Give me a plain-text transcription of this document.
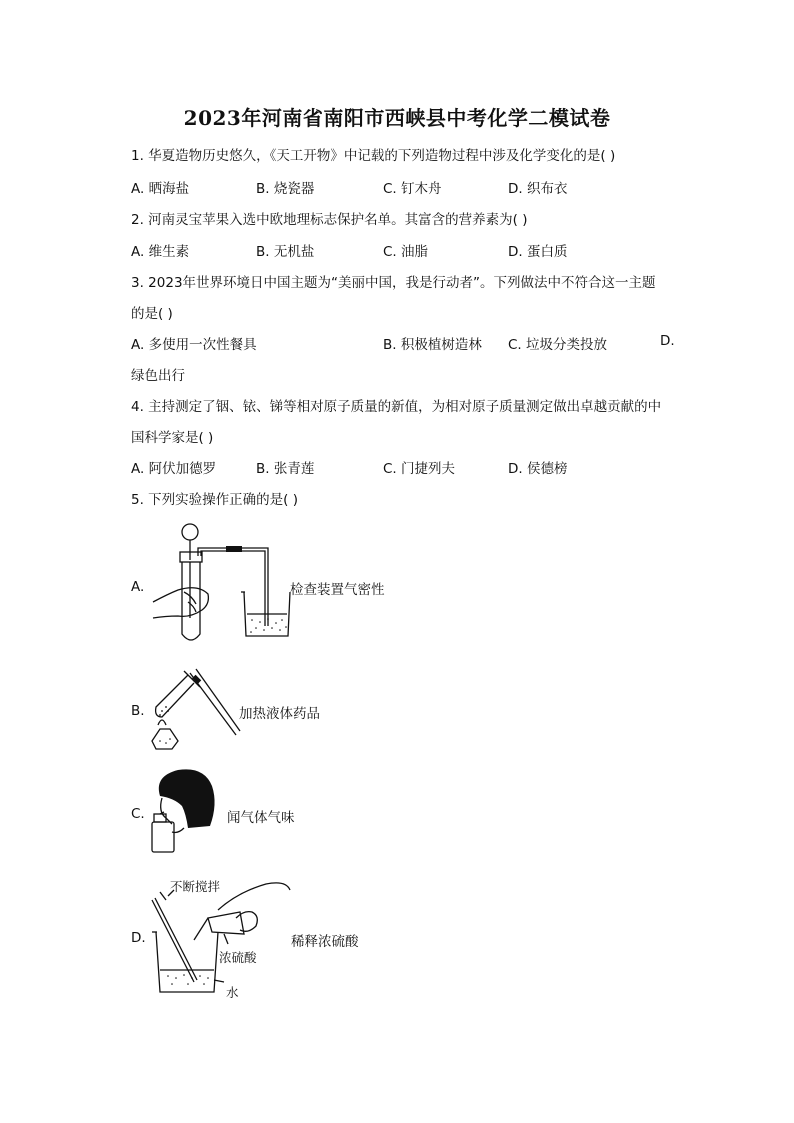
2023年河南省南阳市西峡县中考化学二模试卷
1. 华夏造物历史悠久，《天工开物》中记载的下列造物过程中涉及化学变化的是( )
A. 晒海盐	B. 烧瓷器	C. 钉木舟	D. 织布衣
2. 河南灵宝苹果入选中欧地理标志保护名单。其富含的营养素为( )
A. 维生素	B. 无机盐	C. 油脂	D. 蛋白质
3. 2023年世界环境日中国主题为“美丽中国，我是行动者”。下列做法中不符合这一主题
的是( )
A. 多使用一次性餐具	B. 积极植树造林 C. 垃圾分类投放	D.
绿色出行
4. 主持测定了铟、铱、锑等相对原子质量的新值，为相对原子质量测定做出卓越贡献的中
国科学家是( )
A. 阿伏加德罗	B. 张青莲	C. 门捷列夫	D. 侯德榜
5. 下列实验操作正确的是( )
A.	检查装置气密性
B.	加热液体药品
C.	闻气体气味
D.
不断搅拌
浓硫酸
水
稀释浓硫酸
